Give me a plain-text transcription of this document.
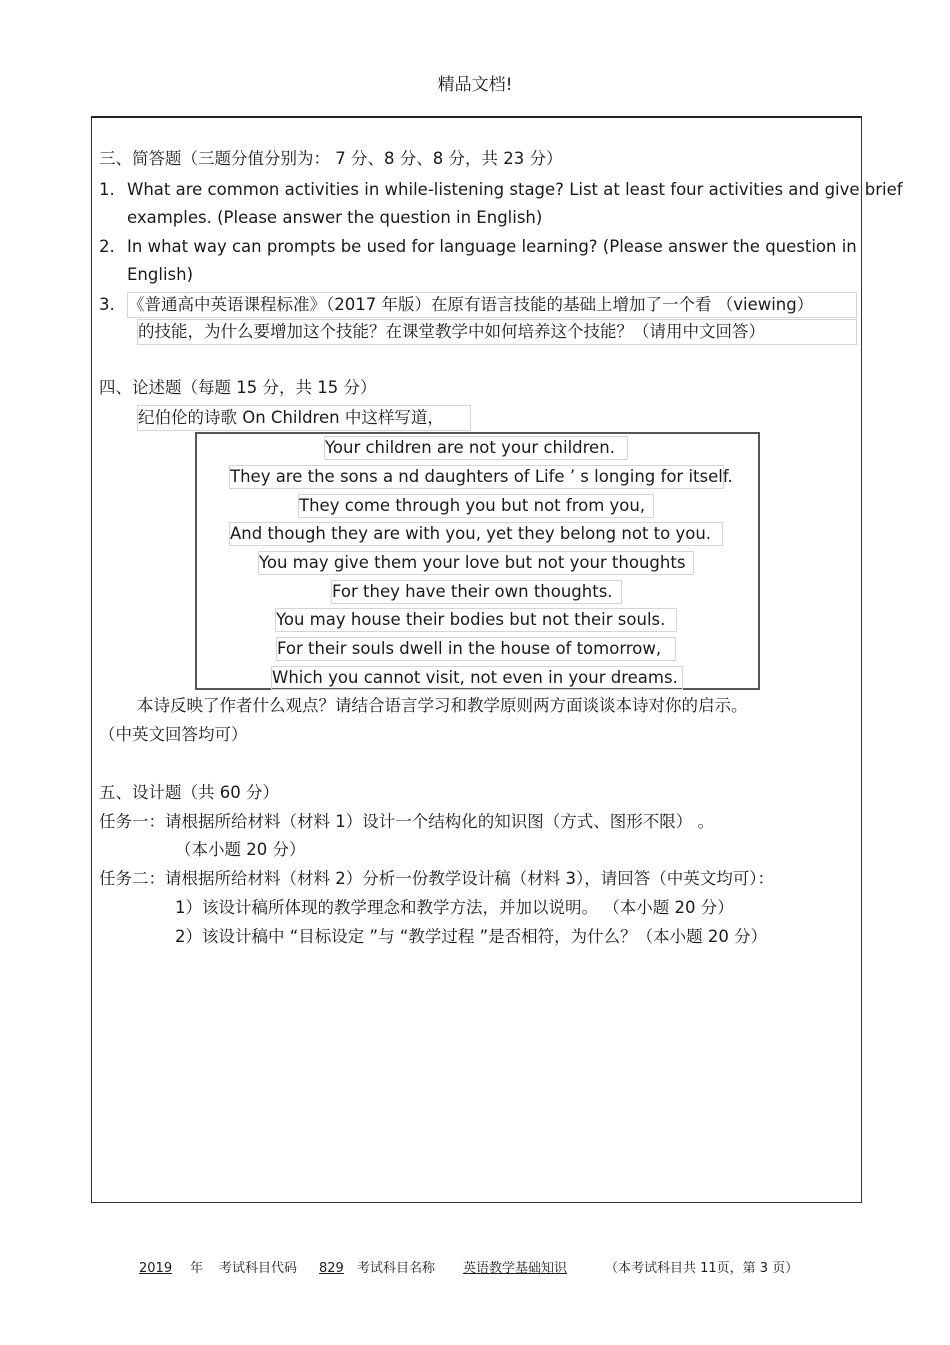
精品文档!
三、简答题（三题分值分别为： 7 分、8 分、8 分，共 23 分）
1. What are common activities in while-listening stage? List at least four activities and give brief
examples. (Please answer the question in English)
2. In what way can prompts be used for language learning? (Please answer the question in
English)
3. 《普通高中英语课程标准》（2017 年版）在原有语言技能的基础上增加了一个看 （viewing）
的技能，为什么要增加这个技能？在课堂教学中如何培养这个技能？（请用中文回答）
四、论述题（每题 15 分，共 15 分）
纪伯伦的诗歌 On Children 中这样写道，
Your children are not your children.
They are the sons a nd daughters of Life ’ s longing for itself.
They come through you but not from you,
And though they are with you, yet they belong not to you.
You may give them your love but not your thoughts
For they have their own thoughts.
You may house their bodies but not their souls.
For their souls dwell in the house of tomorrow,
Which you cannot visit, not even in your dreams.
本诗反映了作者什么观点？请结合语言学习和教学原则两方面谈谈本诗对你的启示。
（中英文回答均可）
五、设计题（共 60 分）
任务一：请根据所给材料（材料 1）设计一个结构化的知识图（方式、图形不限） 。
（本小题 20 分）
任务二：请根据所给材料（材料 2）分析一份教学设计稿（材料 3），请回答（中英文均可）：
1）该设计稿所体现的教学理念和教学方法，并加以说明。 （本小题 20 分）
2）该设计稿中 “目标设定 ”与 “教学过程 ”是否相符，为什么？（本小题 20 分）
2019	年 考试科目代码	829	考试科目名称	英语教学基础知识	（本考试科目共 11页，第 3 页）
